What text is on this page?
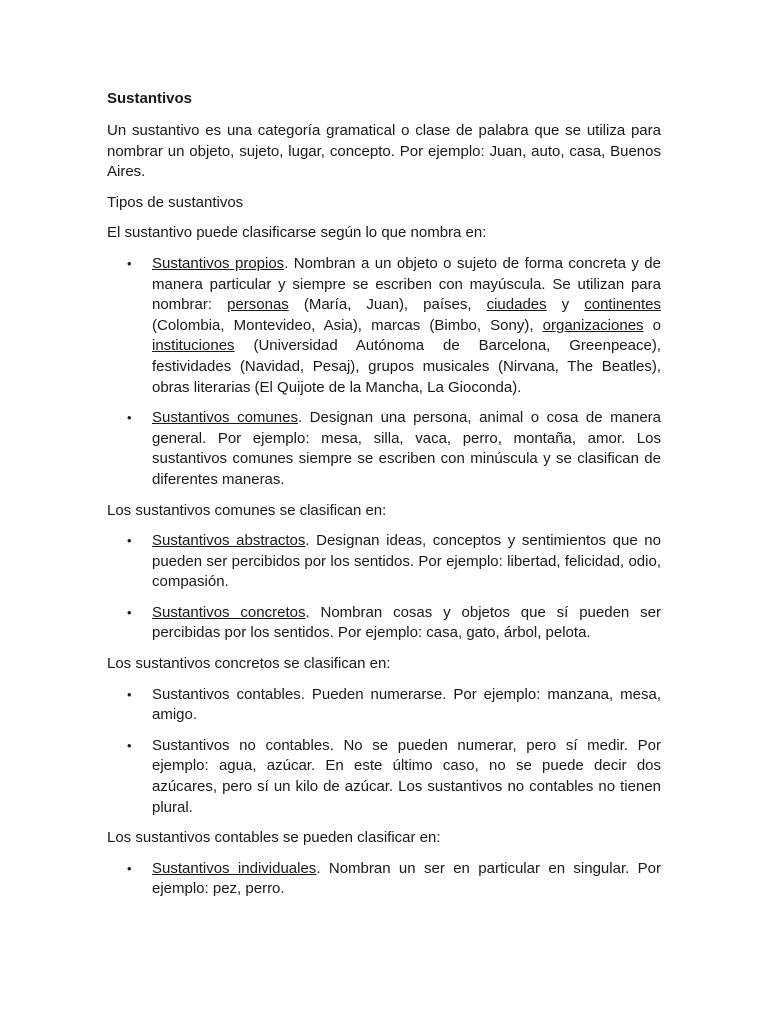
Sustantivos

Un sustantivo es una categoría gramatical o clase de palabra que se utiliza para nombrar un objeto, sujeto, lugar, concepto. Por ejemplo: Juan, auto, casa, Buenos Aires.

Tipos de sustantivos

El sustantivo puede clasificarse según lo que nombra en:

• Sustantivos propios. Nombran a un objeto o sujeto de forma concreta y de manera particular y siempre se escriben con mayúscula. Se utilizan para nombrar: personas (María, Juan), países, ciudades y continentes (Colombia, Montevideo, Asia), marcas (Bimbo, Sony), organizaciones o instituciones (Universidad Autónoma de Barcelona, Greenpeace), festividades (Navidad, Pesaj), grupos musicales (Nirvana, The Beatles), obras literarias (El Quijote de la Mancha, La Gioconda).
• Sustantivos comunes. Designan una persona, animal o cosa de manera general. Por ejemplo: mesa, silla, vaca, perro, montaña, amor. Los sustantivos comunes siempre se escriben con minúscula y se clasifican de diferentes maneras.

Los sustantivos comunes se clasifican en:

• Sustantivos abstractos. Designan ideas, conceptos y sentimientos que no pueden ser percibidos por los sentidos. Por ejemplo: libertad, felicidad, odio, compasión.
• Sustantivos concretos. Nombran cosas y objetos que sí pueden ser percibidas por los sentidos. Por ejemplo: casa, gato, árbol, pelota.

Los sustantivos concretos se clasifican en:

• Sustantivos contables. Pueden numerarse. Por ejemplo: manzana, mesa, amigo.
• Sustantivos no contables. No se pueden numerar, pero sí medir. Por ejemplo: agua, azúcar. En este último caso, no se puede decir dos azúcares, pero sí un kilo de azúcar. Los sustantivos no contables no tienen plural.

Los sustantivos contables se pueden clasificar en:

• Sustantivos individuales. Nombran un ser en particular en singular. Por ejemplo: pez, perro.
